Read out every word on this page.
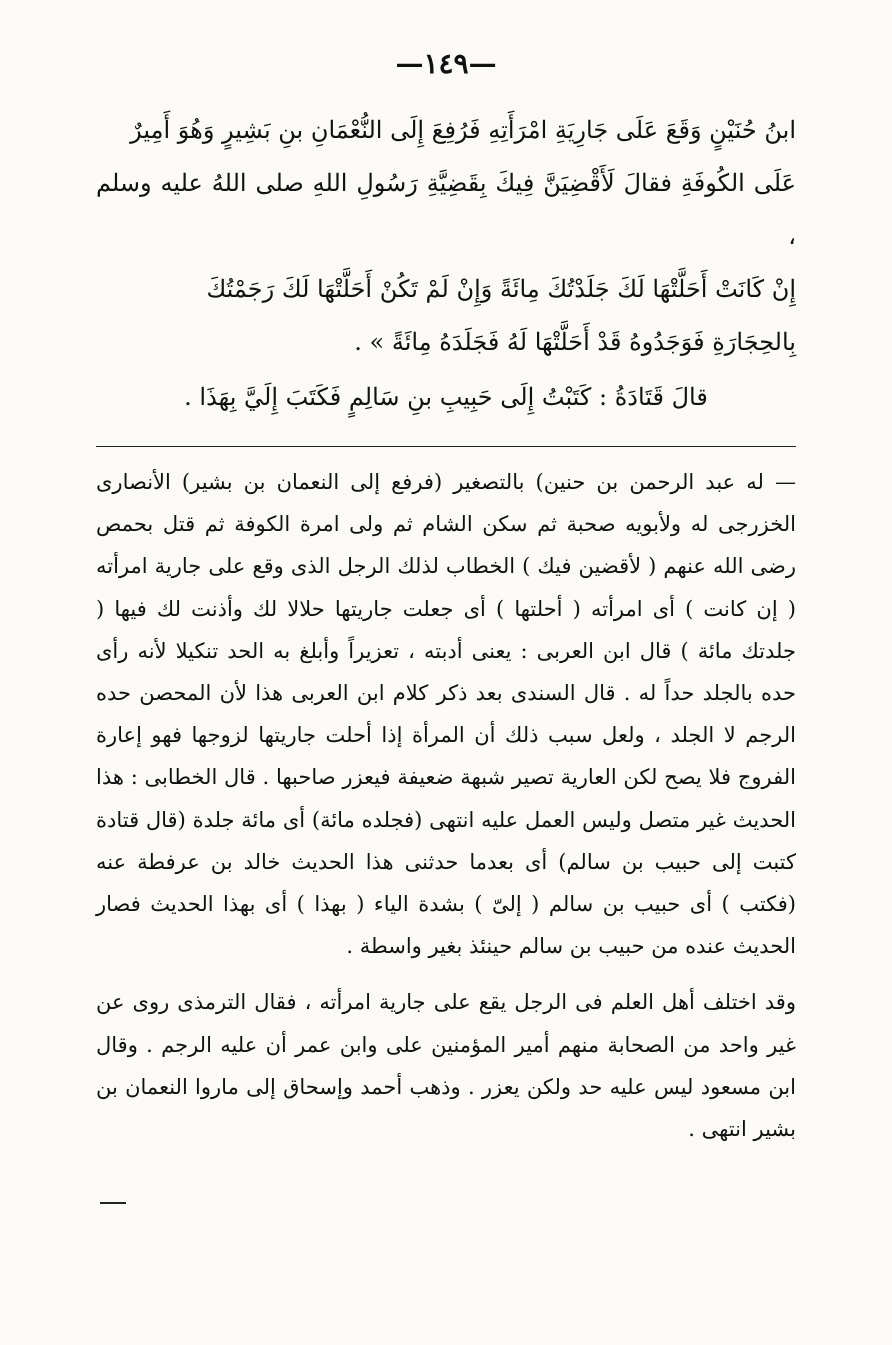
—١٤٩—

ابنُ حُنَيْنٍ وَقَعَ عَلَى جَارِيَةِ امْرَأَتِهِ فَرُفِعَ إِلَى النُّعْمَانِ بنِ بَشِيرٍ وَهُوَ أَمِيرٌ

عَلَى الكُوفَةِ فقالَ لَأَقْضِيَنَّ فِيكَ بِقَضِيَّةِ رَسُولِ اللهِ صلى اللهُ عليه وسلم ،

إِنْ كَانَتْ أَحَلَّتْهَا لَكَ جَلَدْتُكَ مِائَةً وَإِنْ لَمْ تَكُنْ أَحَلَّتْهَا لَكَ رَجَمْتُكَ

بِالحِجَارَةِ فَوَجَدُوهُ قَدْ أَحَلَّتْهَا لَهُ فَجَلَدَهُ مِائَةً » .

قالَ قَتَادَةُ : كَتَبْتُ إِلَى حَبِيبِ بنِ سَالِمٍ فَكَتَبَ إِلَيَّ بِهَذَا .

— له عبد الرحمن بن حنين) بالتصغير (فرفع إلى النعمان بن بشير) الأنصارى الخزرجى له ولأبويه صحبة ثم سكن الشام ثم ولى امرة الكوفة ثم قتل بحمص رضى الله عنهم ( لأقضين فيك ) الخطاب لذلك الرجل الذى وقع على جارية امرأته ( إن كانت ) أى امرأته ( أحلتها ) أى جعلت جاريتها حلالا لك وأذنت لك فيها ( جلدتك مائة ) قال ابن العربى : يعنى أدبته ، تعزيراً وأبلغ به الحد تنكيلا لأنه رأى حده بالجلد حداً له . قال السندى بعد ذكر كلام ابن العربى هذا لأن المحصن حده الرجم لا الجلد ، ولعل سبب ذلك أن المرأة إذا أحلت جاريتها لزوجها فهو إعارة الفروج فلا يصح لكن العارية تصير شبهة ضعيفة فيعزر صاحبها . قال الخطابى : هذا الحديث غير متصل وليس العمل عليه انتهى (فجلده مائة) أى مائة جلدة (قال قتادة كتبت إلى حبيب بن سالم) أى بعدما حدثنى هذا الحديث خالد بن عرفطة عنه (فكتب ) أى حبيب بن سالم ( إلىّ ) بشدة الياء ( بهذا ) أى بهذا الحديث فصار الحديث عنده من حبيب بن سالم حينئذ بغير واسطة .

وقد اختلف أهل العلم فى الرجل يقع على جارية امرأته ، فقال الترمذى روى عن غير واحد من الصحابة منهم أمير المؤمنين على وابن عمر أن عليه الرجم . وقال ابن مسعود ليس عليه حد ولكن يعزر . وذهب أحمد وإسحاق إلى ماروا النعمان بن بشير انتهى .
